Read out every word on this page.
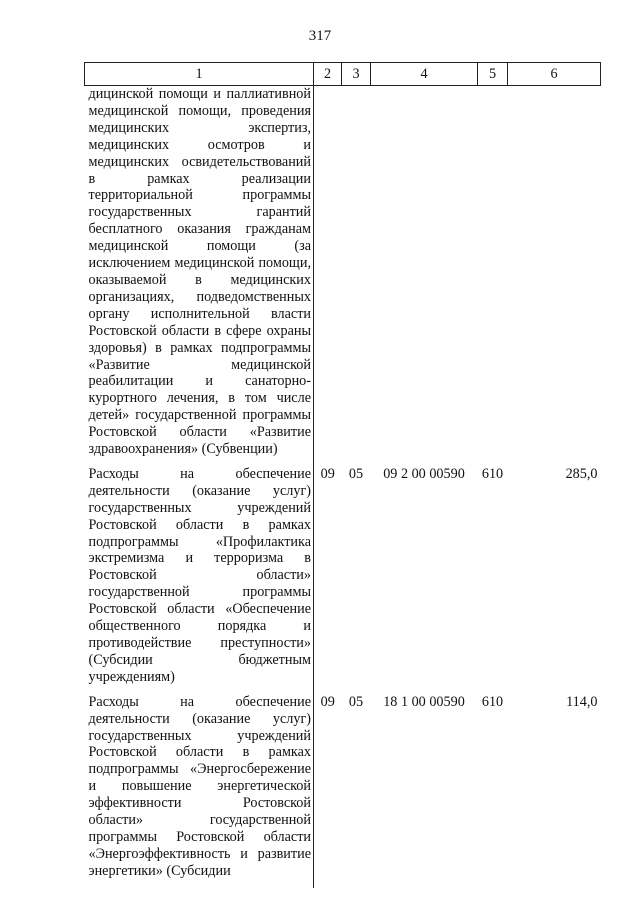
317
1	2	3	4	5	6

дицинской помощи и паллиативной медицинской помощи, проведения медицинских экспертиз, медицинских осмотров и медицинских освидетельствований в рамках реализации территориальной программы государственных гарантий бесплатного оказания гражданам медицинской помощи (за исключением медицинской помощи, оказываемой в медицинских организациях, подведомственных органу исполнительной власти Ростовской области в сфере охраны здоровья) в рамках подпрограммы «Развитие медицинской реабилитации и санаторно-курортного лечения, в том числе детей» государственной программы Ростовской области «Развитие здравоохранения» (Субвенции)					

Расходы на обеспечение деятельности (оказание услуг) государственных учреждений Ростовской области в рамках подпрограммы «Профилактика экстремизма и терроризма в Ростовской области» государственной программы Ростовской области «Обеспечение общественного порядка и противодействие преступности» (Субсидии бюджетным учреждениям)	09	05	09 2 00 00590	610	285,0

Расходы на обеспечение деятельности (оказание услуг) государственных учреждений Ростовской области в рамках подпрограммы «Энергосбережение и повышение энергетической эффективности Ростовской области» государственной программы Ростовской области «Энергоэффективность и развитие энергетики» (Субсидии	09	05	18 1 00 00590	610	114,0
